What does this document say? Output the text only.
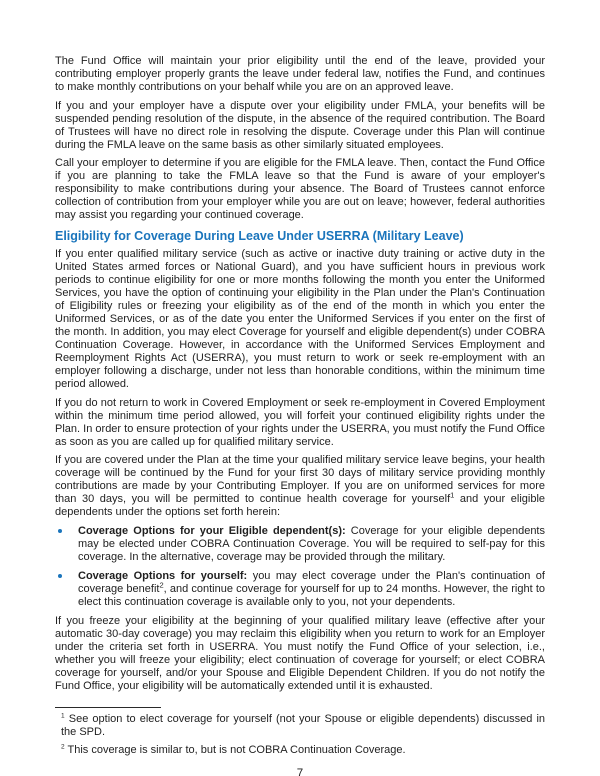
The Fund Office will maintain your prior eligibility until the end of the leave, provided your contributing employer properly grants the leave under federal law, notifies the Fund, and continues to make monthly contributions on your behalf while you are on an approved leave.

If you and your employer have a dispute over your eligibility under FMLA, your benefits will be suspended pending resolution of the dispute, in the absence of the required contribution. The Board of Trustees will have no direct role in resolving the dispute. Coverage under this Plan will continue during the FMLA leave on the same basis as other similarly situated employees.

Call your employer to determine if you are eligible for the FMLA leave. Then, contact the Fund Office if you are planning to take the FMLA leave so that the Fund is aware of your employer's responsibility to make contributions during your absence. The Board of Trustees cannot enforce collection of contribution from your employer while you are out on leave; however, federal authorities may assist you regarding your continued coverage.

Eligibility for Coverage During Leave Under USERRA (Military Leave)

If you enter qualified military service (such as active or inactive duty training or active duty in the United States armed forces or National Guard), and you have sufficient hours in previous work periods to continue eligibility for one or more months following the month you enter the Uniformed Services, you have the option of continuing your eligibility in the Plan under the Plan's Continuation of Eligibility rules or freezing your eligibility as of the end of the month in which you enter the Uniformed Services, or as of the date you enter the Uniformed Services if you enter on the first of the month. In addition, you may elect Coverage for yourself and eligible dependent(s) under COBRA Continuation Coverage. However, in accordance with the Uniformed Services Employment and Reemployment Rights Act (USERRA), you must return to work or seek re-employment with an employer following a discharge, under not less than honorable conditions, within the minimum time period allowed.

If you do not return to work in Covered Employment or seek re-employment in Covered Employment within the minimum time period allowed, you will forfeit your continued eligibility rights under the Plan. In order to ensure protection of your rights under the USERRA, you must notify the Fund Office as soon as you are called up for qualified military service.

If you are covered under the Plan at the time your qualified military service leave begins, your health coverage will be continued by the Fund for your first 30 days of military service providing monthly contributions are made by your Contributing Employer. If you are on uniformed services for more than 30 days, you will be permitted to continue health coverage for yourself$^1$ and your eligible dependents under the options set forth herein:

Coverage Options for your Eligible dependent(s): Coverage for your eligible dependents may be elected under COBRA Continuation Coverage. You will be required to self-pay for this coverage. In the alternative, coverage may be provided through the military.
Coverage Options for yourself: you may elect coverage under the Plan's continuation of coverage benefit$^2$, and continue coverage for yourself for up to 24 months. However, the right to elect this continuation coverage is available only to you, not your dependents.

If you freeze your eligibility at the beginning of your qualified military leave (effective after your automatic 30-day coverage) you may reclaim this eligibility when you return to work for an Employer under the criteria set forth in USERRA. You must notify the Fund Office of your selection, i.e., whether you will freeze your eligibility; elect continuation of coverage for yourself; or elect COBRA coverage for yourself, and/or your Spouse and Eligible Dependent Children. If you do not notify the Fund Office, your eligibility will be automatically extended until it is exhausted.

$^1$ See option to elect coverage for yourself (not your Spouse or eligible dependents) discussed in the SPD.

$^2$ This coverage is similar to, but is not COBRA Continuation Coverage.

7
